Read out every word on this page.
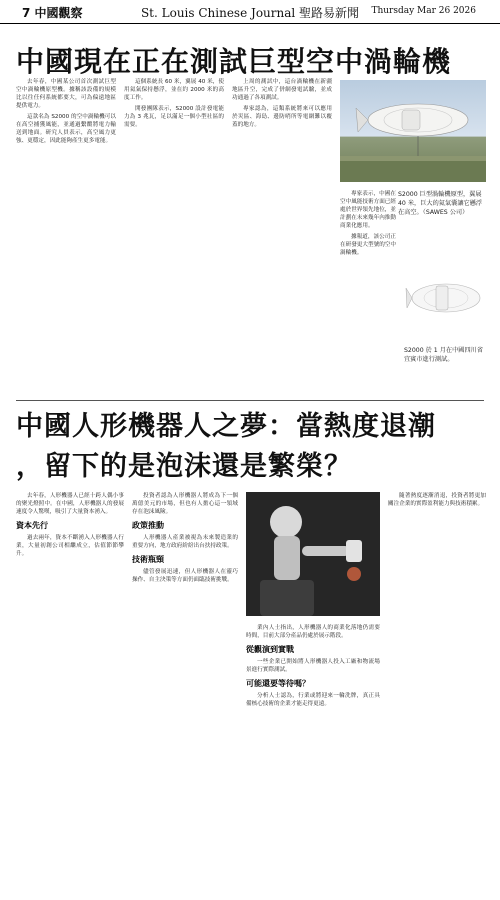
7 中國觀察	St. Louis Chinese Journal 聖路易新聞	Thursday Mar 26 2026
中國現在正在測試巨型空中渦輪機

去年春，中國某公司首次測試巨型空中渦輪機原型機。據稱該設備的規模比以往任何系統都要大，可為偏遠地區提供電力。

這款名為 S2000 的空中渦輪機可以在高空捕獲風能，並通過繫纜將電力輸送到地面。研究人員表示，高空風力更強、更穩定，因此能夠產生更多電能。

這個系統長 60 米，翼展 40 米，使用氦氣保持懸浮，並在約 2000 米的高度工作。

開發團隊表示，S2000 設計發電能力為 3 兆瓦，足以滿足一個小型社區的需要。

上周的測試中，這台渦輪機在新疆地區升空，完成了併網發電試驗，並成功通過了各項測試。

專家認為，這類系統將來可以應用於災區、海島、邊防哨所等電網難以覆蓋的地方。

專家表示，中國在空中風能技術方面已經處於世界領先地位，並計劃在未來幾年內推動商業化應用。

據報道，該公司正在研發更大型號的空中渦輪機。

S2000 巨型渦輪機原型，翼展 40 米，巨大的氦氣囊讓它懸浮在高空。（SAWES 公司）
S2000 於 1 月在中國四川省宜賓市進行測試。
中國人形機器人之夢：當熱度退潮
，留下的是泡沫還是繁榮？

去年春，人形機器人已經十跨人偶小事的聚光燈照中。在中國，人形機器人的發展速度令人驚嘆，吸引了大量資本湧入。

資本先行

過去兩年，資本不斷湧入人形機器人行業，大量初創公司相繼成立，估值節節攀升。

投資者認為人形機器人將成為下一個萬億美元的市場，但也有人擔心這一領域存在泡沫風險。

政策推動

人形機器人產業被視為未來製造業的重要方向，地方政府紛紛出台扶持政策。

技術瓶頸

儘管發展迅速，但人形機器人在靈巧操作、自主決策等方面仍面臨技術挑戰。

業內人士指出，人形機器人的商業化落地仍需要時間，目前大部分產品仍處於展示階段。

從觀演到實戰

一些企業已開始將人形機器人投入工廠和物流場景進行實際測試。

可能還要等待嗎？

分析人士認為，行業或將迎來一輪洗牌，真正具備核心技術的企業才能走得更遠。

隨著熱度逐漸消退，投資者將更加關注企業的實際盈利能力與技術積累。
